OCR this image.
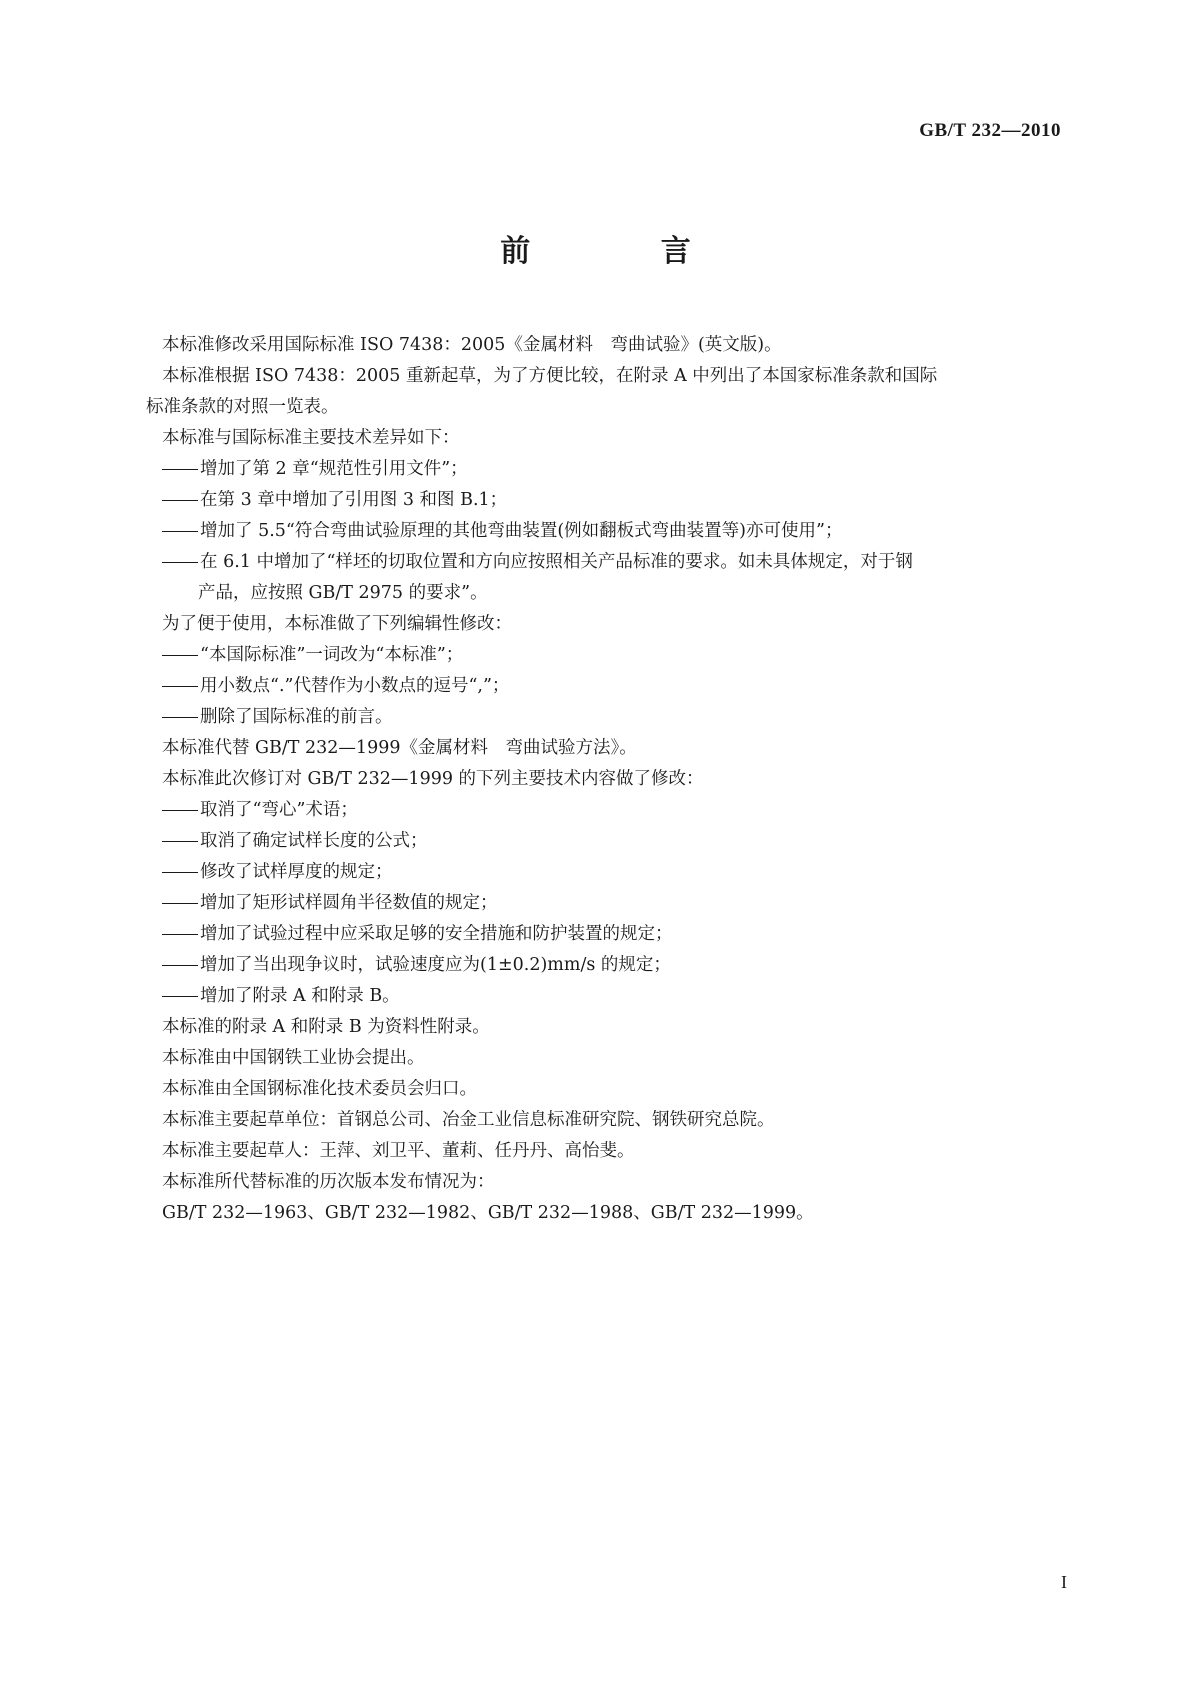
GB/T 232—2010
前 言

本标准修改采用国际标准 ISO 7438：2005《金属材料　弯曲试验》(英文版)。

本标准根据 ISO 7438：2005 重新起草，为了方便比较，在附录 A 中列出了本国家标准条款和国际

标准条款的对照一览表。

本标准与国际标准主要技术差异如下：

增加了第 2 章“规范性引用文件”；

在第 3 章中增加了引用图 3 和图 B.1；

增加了 5.5“符合弯曲试验原理的其他弯曲装置(例如翻板式弯曲装置等)亦可使用”；

在 6.1 中增加了“样坯的切取位置和方向应按照相关产品标准的要求。如未具体规定，对于钢

产品，应按照 GB/T 2975 的要求”。

为了便于使用，本标准做了下列编辑性修改：

“本国际标准”一词改为“本标准”；

用小数点“.”代替作为小数点的逗号“,”；

删除了国际标准的前言。

本标准代替 GB/T 232—1999《金属材料　弯曲试验方法》。

本标准此次修订对 GB/T 232—1999 的下列主要技术内容做了修改：

取消了“弯心”术语；

取消了确定试样长度的公式；

修改了试样厚度的规定；

增加了矩形试样圆角半径数值的规定；

增加了试验过程中应采取足够的安全措施和防护装置的规定；

增加了当出现争议时，试验速度应为(1±0.2)mm/s 的规定；

增加了附录 A 和附录 B。

本标准的附录 A 和附录 B 为资料性附录。

本标准由中国钢铁工业协会提出。

本标准由全国钢标准化技术委员会归口。

本标准主要起草单位：首钢总公司、冶金工业信息标准研究院、钢铁研究总院。

本标准主要起草人：王萍、刘卫平、董莉、任丹丹、高怡斐。

本标准所代替标准的历次版本发布情况为：

GB/T 232—1963、GB/T 232—1982、GB/T 232—1988、GB/T 232—1999。

I
